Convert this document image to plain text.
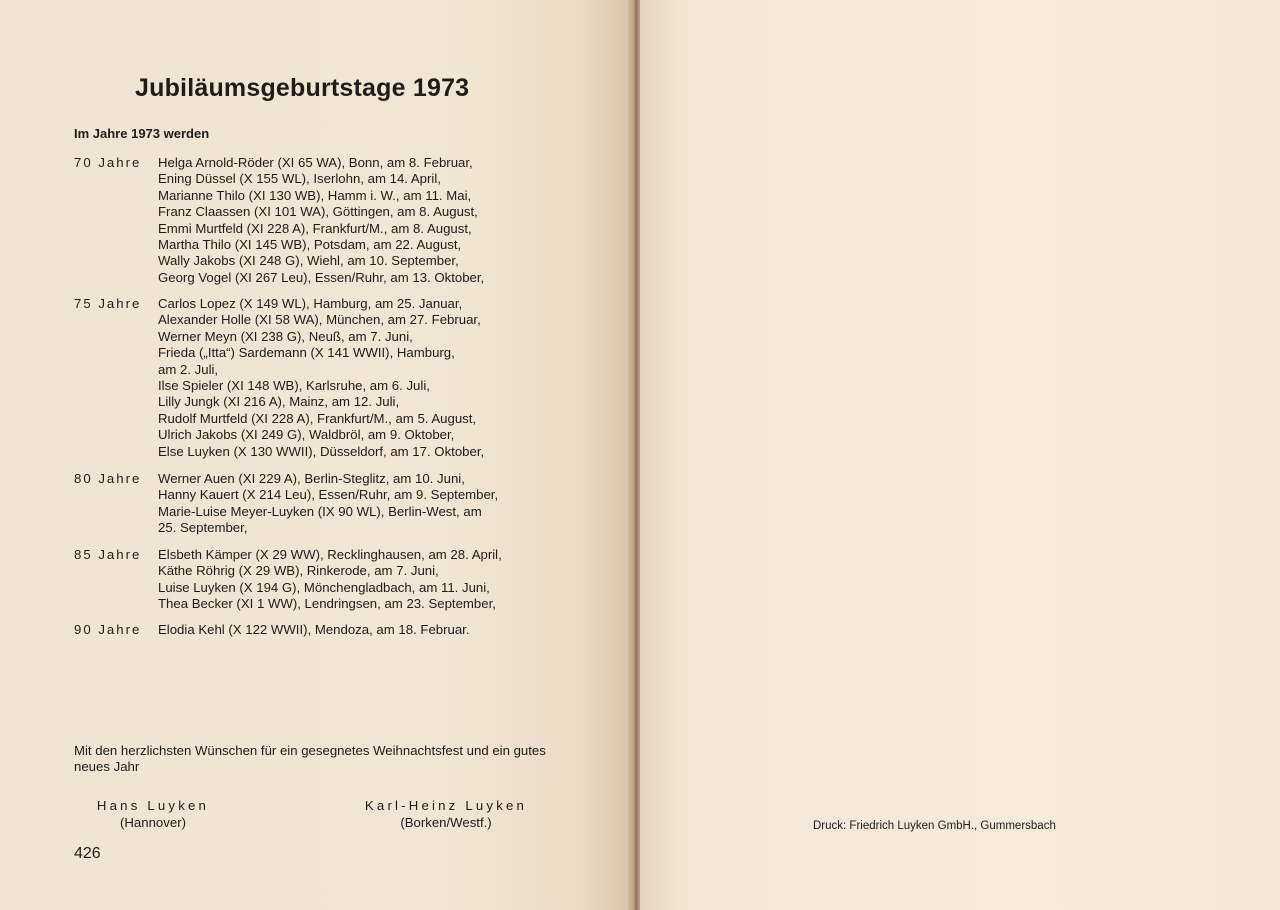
Jubiläumsgeburtstage 1973
Im Jahre 1973 werden
70 Jahre Helga Arnold-Röder (XI 65 WA), Bonn, am 8. Februar,
Ening Düssel (X 155 WL), Iserlohn, am 14. April,
Marianne Thilo (XI 130 WB), Hamm i. W., am 11. Mai,
Franz Claassen (XI 101 WA), Göttingen, am 8. August,
Emmi Murtfeld (XI 228 A), Frankfurt/M., am 8. August,
Martha Thilo (XI 145 WB), Potsdam, am 22. August,
Wally Jakobs (XI 248 G), Wiehl, am 10. September,
Georg Vogel (XI 267 Leu), Essen/Ruhr, am 13. Oktober,
75 Jahre Carlos Lopez (X 149 WL), Hamburg, am 25. Januar,
Alexander Holle (XI 58 WA), München, am 27. Februar,
Werner Meyn (XI 238 G), Neuß, am 7. Juni,
Frieda („Itta“) Sardemann (X 141 WWII), Hamburg,
am 2. Juli,
Ilse Spieler (XI 148 WB), Karlsruhe, am 6. Juli,
Lilly Jungk (XI 216 A), Mainz, am 12. Juli,
Rudolf Murtfeld (XI 228 A), Frankfurt/M., am 5. August,
Ulrich Jakobs (XI 249 G), Waldbröl, am 9. Oktober,
Else Luyken (X 130 WWII), Düsseldorf, am 17. Oktober,
80 Jahre Werner Auen (XI 229 A), Berlin-Steglitz, am 10. Juni,
Hanny Kauert (X 214 Leu), Essen/Ruhr, am 9. September,
Marie-Luise Meyer-Luyken (IX 90 WL), Berlin-West, am
25. September,
85 Jahre Elsbeth Kämper (X 29 WW), Recklinghausen, am 28. April,
Käthe Röhrig (X 29 WB), Rinkerode, am 7. Juni,
Luise Luyken (X 194 G), Mönchengladbach, am 11. Juni,
Thea Becker (XI 1 WW), Lendringsen, am 23. September,
90 Jahre Elodia Kehl (X 122 WWII), Mendoza, am 18. Februar.
Mit den herzlichsten Wünschen für ein gesegnetes Weihnachtsfest und ein gutes neues Jahr
Hans Luyken
(Hannover)
Karl-Heinz Luyken
(Borken/Westf.)
426
Druck: Friedrich Luyken GmbH., Gummersbach
